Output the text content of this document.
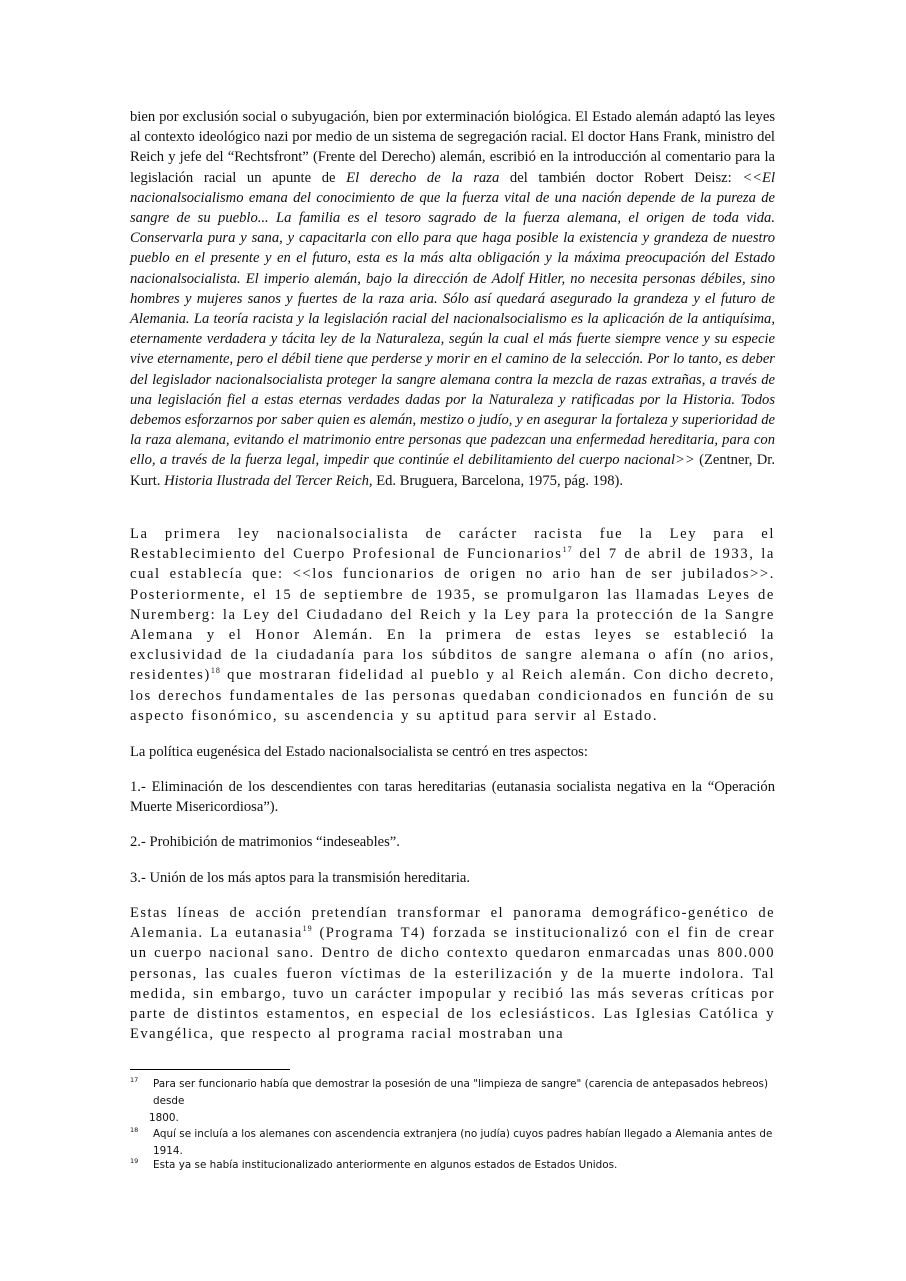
bien por exclusión social o subyugación, bien por exterminación biológica. El Estado alemán adaptó las leyes al contexto ideológico nazi por medio de un sistema de segregación racial. El doctor Hans Frank, ministro del Reich y jefe del “Rechtsfront” (Frente del Derecho) alemán, escribió en la introducción al comentario para la legislación racial un apunte de El derecho de la raza del también doctor Robert Deisz: <<El nacionalsocialismo emana del conocimiento de que la fuerza vital de una nación depende de la pureza de sangre de su pueblo... La familia es el tesoro sagrado de la fuerza alemana, el origen de toda vida. Conservarla pura y sana, y capacitarla con ello para que haga posible la existencia y grandeza de nuestro pueblo en el presente y en el futuro, esta es la más alta obligación y la máxima preocupación del Estado nacionalsocialista. El imperio alemán, bajo la dirección de Adolf Hitler, no necesita personas débiles, sino hombres y mujeres sanos y fuertes de la raza aria. Sólo así quedará asegurado la grandeza y el futuro de Alemania. La teoría racista y la legislación racial del nacionalsocialismo es la aplicación de la antiquísima, eternamente verdadera y tácita ley de la Naturaleza, según la cual el más fuerte siempre vence y su especie vive eternamente, pero el débil tiene que perderse y morir en el camino de la selección. Por lo tanto, es deber del legislador nacionalsocialista proteger la sangre alemana contra la mezcla de razas extrañas, a través de una legislación fiel a estas eternas verdades dadas por la Naturaleza y ratificadas por la Historia. Todos debemos esforzarnos por saber quien es alemán, mestizo o judío, y en asegurar la fortaleza y superioridad de la raza alemana, evitando el matrimonio entre personas que padezcan una enfermedad hereditaria, para con ello, a través de la fuerza legal, impedir que continúe el debilitamiento del cuerpo nacional>> (Zentner, Dr. Kurt. Historia Ilustrada del Tercer Reich, Ed. Bruguera, Barcelona, 1975, pág. 198).

La primera ley nacionalsocialista de carácter racista fue la Ley para el Restablecimiento del Cuerpo Profesional de Funcionarios$^{17}$ del 7 de abril de 1933, la cual establecía que: <<los funcionarios de origen no ario han de ser jubilados>>. Posteriormente, el 15 de septiembre de 1935, se promulgaron las llamadas Leyes de Nuremberg: la Ley del Ciudadano del Reich y la Ley para la protección de la Sangre Alemana y el Honor Alemán. En la primera de estas leyes se estableció la exclusividad de la ciudadanía para los súbditos de sangre alemana o afín (no arios, residentes)$^{18}$ que mostraran fidelidad al pueblo y al Reich alemán. Con dicho decreto, los derechos fundamentales de las personas quedaban condicionados en función de su aspecto fisonómico, su ascendencia y su aptitud para servir al Estado.

La política eugenésica del Estado nacionalsocialista se centró en tres aspectos:

1.- Eliminación de los descendientes con taras hereditarias (eutanasia socialista negativa en la “Operación Muerte Misericordiosa”).

2.- Prohibición de matrimonios “indeseables”.

3.- Unión de los más aptos para la transmisión hereditaria.

Estas líneas de acción pretendían transformar el panorama demográfico-genético de Alemania. La eutanasia$^{19}$ (Programa T4) forzada se institucionalizó con el fin de crear un cuerpo nacional sano. Dentro de dicho contexto quedaron enmarcadas unas 800.000 personas, las cuales fueron víctimas de la esterilización y de la muerte indolora. Tal medida, sin embargo, tuvo un carácter impopular y recibió las más severas críticas por parte de distintos estamentos, en especial de los eclesiásticos. Las Iglesias Católica y Evangélica, que respecto al programa racial mostraban una

17	Para ser funcionario había que demostrar la posesión de una "limpieza de sangre" (carencia de antepasados hebreos) desde
1800.
18	Aquí se incluía a los alemanes con ascendencia extranjera (no judía) cuyos padres habían llegado a Alemania antes de 1914.
19	Esta ya se había institucionalizado anteriormente en algunos estados de Estados Unidos.
